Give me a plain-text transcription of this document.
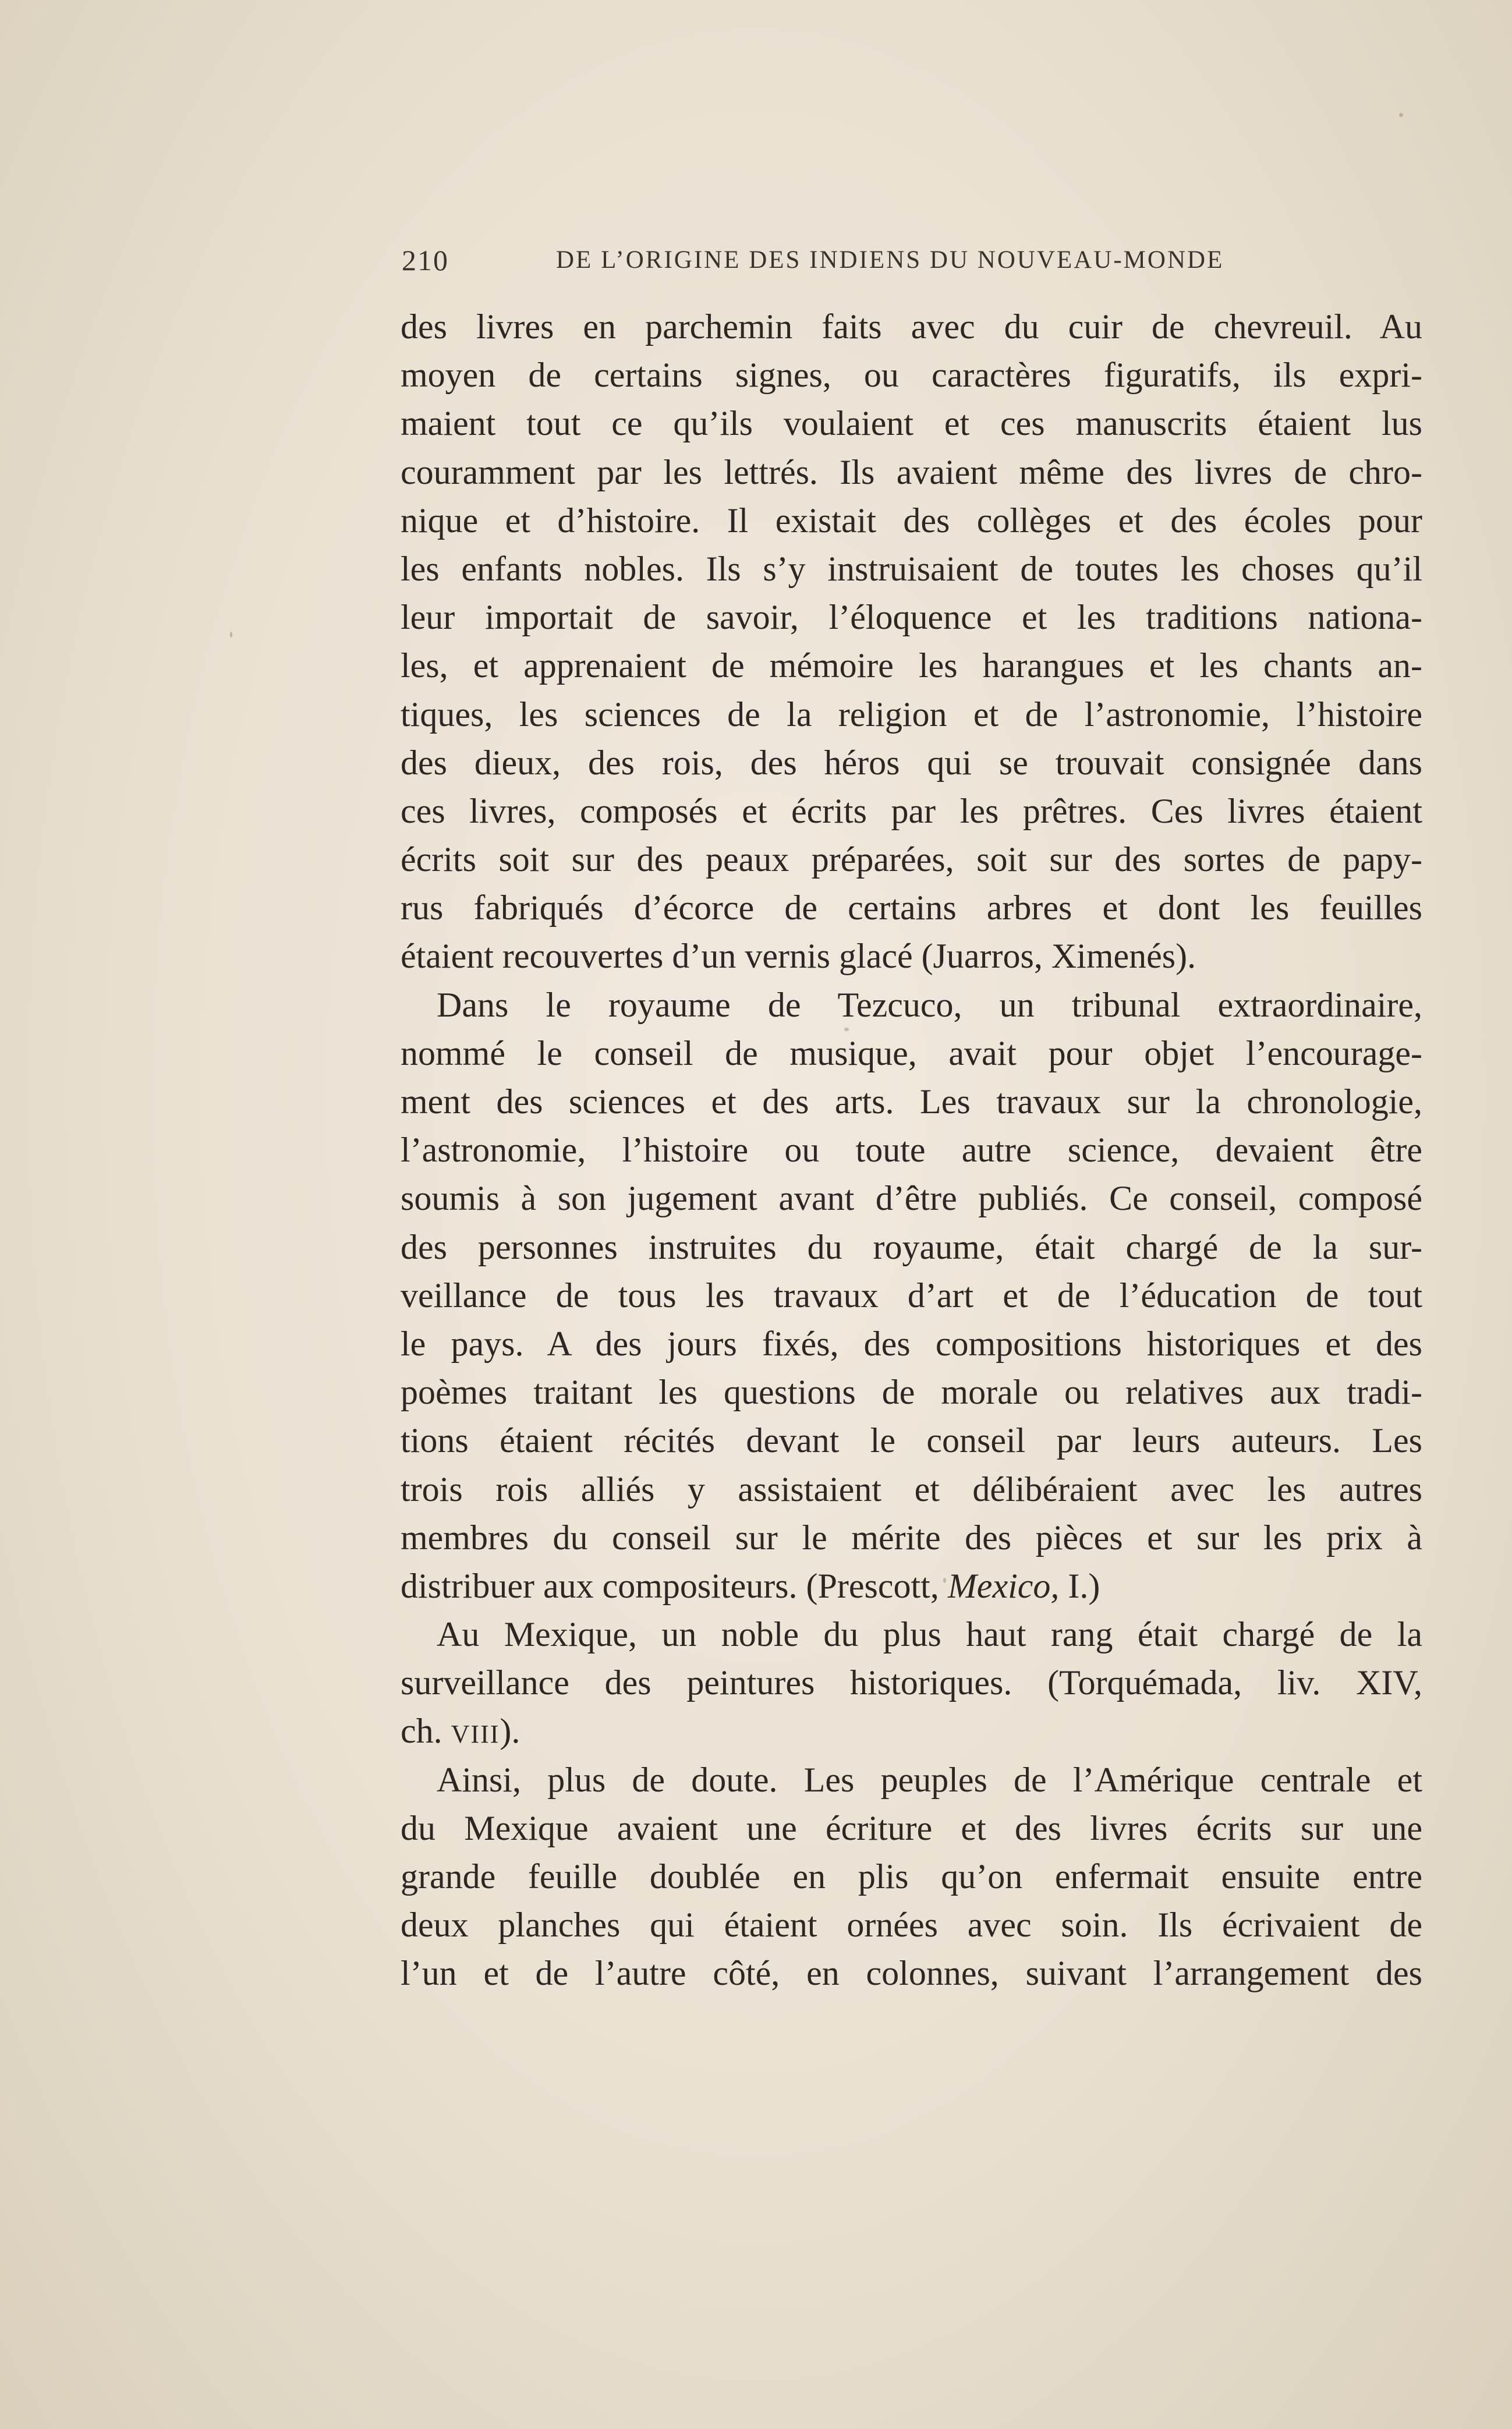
210	DE L’ORIGINE DES INDIENS DU NOUVEAU-MONDE
des livres en parchemin faits avec du cuir de chevreuil. Au
moyen de certains signes, ou caractères figuratifs, ils expri-
maient tout ce qu’ils voulaient et ces manuscrits étaient lus
couramment par les lettrés. Ils avaient même des livres de chro-
nique et d’histoire. Il existait des collèges et des écoles pour
les enfants nobles. Ils s’y instruisaient de toutes les choses qu’il
leur importait de savoir, l’éloquence et les traditions nationa-
les, et apprenaient de mémoire les harangues et les chants an-
tiques, les sciences de la religion et de l’astronomie, l’histoire
des dieux, des rois, des héros qui se trouvait consignée dans
ces livres, composés et écrits par les prêtres. Ces livres étaient
écrits soit sur des peaux préparées, soit sur des sortes de papy-
rus fabriqués d’écorce de certains arbres et dont les feuilles
étaient recouvertes d’un vernis glacé (Juarros, Ximenés).
Dans le royaume de Tezcuco, un tribunal extraordinaire,
nommé le conseil de musique, avait pour objet l’encourage-
ment des sciences et des arts. Les travaux sur la chronologie,
l’astronomie, l’histoire ou toute autre science, devaient être
soumis à son jugement avant d’être publiés. Ce conseil, composé
des personnes instruites du royaume, était chargé de la sur-
veillance de tous les travaux d’art et de l’éducation de tout
le pays. A des jours fixés, des compositions historiques et des
poèmes traitant les questions de morale ou relatives aux tradi-
tions étaient récités devant le conseil par leurs auteurs. Les
trois rois alliés y assistaient et délibéraient avec les autres
membres du conseil sur le mérite des pièces et sur les prix à
distribuer aux compositeurs. (Prescott, Mexico, I.)
Au Mexique, un noble du plus haut rang était chargé de la
surveillance des peintures historiques. (Torquémada, liv. XIV,
ch. VIII).
Ainsi, plus de doute. Les peuples de l’Amérique centrale et
du Mexique avaient une écriture et des livres écrits sur une
grande feuille doublée en plis qu’on enfermait ensuite entre
deux planches qui étaient ornées avec soin. Ils écrivaient de
l’un et de l’autre côté, en colonnes, suivant l’arrangement des
